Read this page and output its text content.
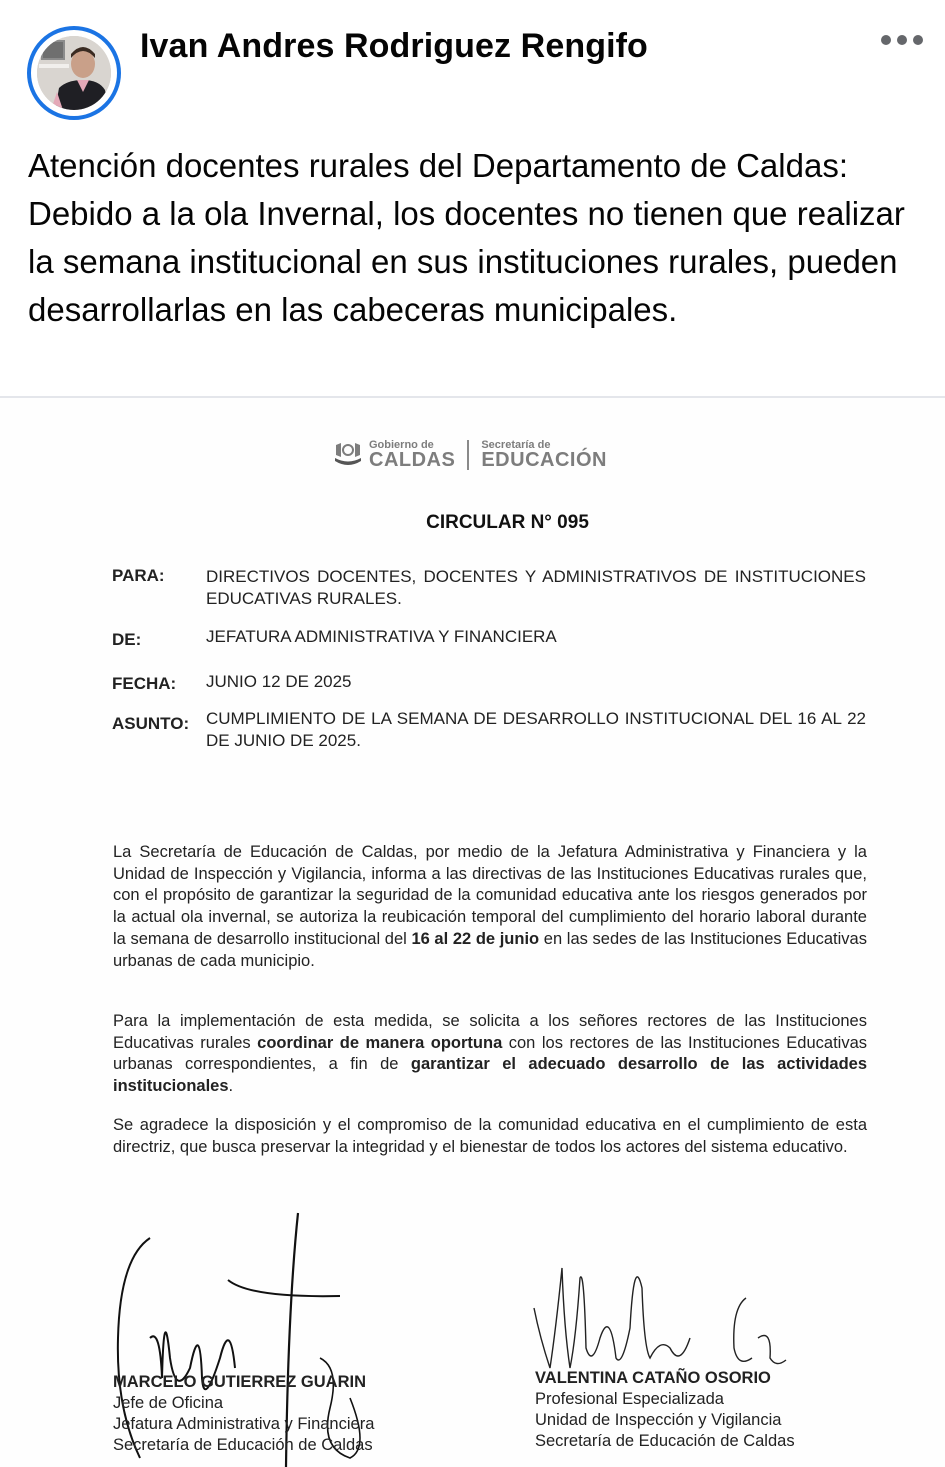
Ivan Andres Rodriguez Rengifo
Atención docentes rurales del Departamento de Caldas: Debido a la ola Invernal, los docentes no tienen que realizar la semana institucional en sus instituciones rurales, pueden desarrollarlas en las cabeceras municipales.
Gobierno de
CALDAS
Secretaría de
EDUCACIÓN
CIRCULAR N° 095
PARA: DIRECTIVOS DOCENTES, DOCENTES Y ADMINISTRATIVOS DE INSTITUCIONES EDUCATIVAS RURALES.
DE:	JEFATURA ADMINISTRATIVA Y FINANCIERA
FECHA: JUNIO 12 DE 2025
ASUNTO: CUMPLIMIENTO DE LA SEMANA DE DESARROLLO INSTITUCIONAL DEL 16 AL 22 DE JUNIO DE 2025.

La Secretaría de Educación de Caldas, por medio de la Jefatura Administrativa y Financiera y la Unidad de Inspección y Vigilancia, informa a las directivas de las Instituciones Educativas rurales que, con el propósito de garantizar la seguridad de la comunidad educativa ante los riesgos generados por la actual ola invernal, se autoriza la reubicación temporal del cumplimiento del horario laboral durante la semana de desarrollo institucional del 16 al 22 de junio en las sedes de las Instituciones Educativas urbanas de cada municipio.

Para la implementación de esta medida, se solicita a los señores rectores de las Instituciones Educativas rurales coordinar de manera oportuna con los rectores de las Instituciones Educativas urbanas correspondientes, a fin de garantizar el adecuado desarrollo de las actividades institucionales.

Se agradece la disposición y el compromiso de la comunidad educativa en el cumplimiento de esta directriz, que busca preservar la integridad y el bienestar de todos los actores del sistema educativo.

MARCELO GUTIERREZ GUARIN
Jefe de Oficina
Jefatura Administrativa y Financiera
Secretaría de Educación de Caldas
VALENTINA CATAÑO OSORIO
Profesional Especializada
Unidad de Inspección y Vigilancia
Secretaría de Educación de Caldas
